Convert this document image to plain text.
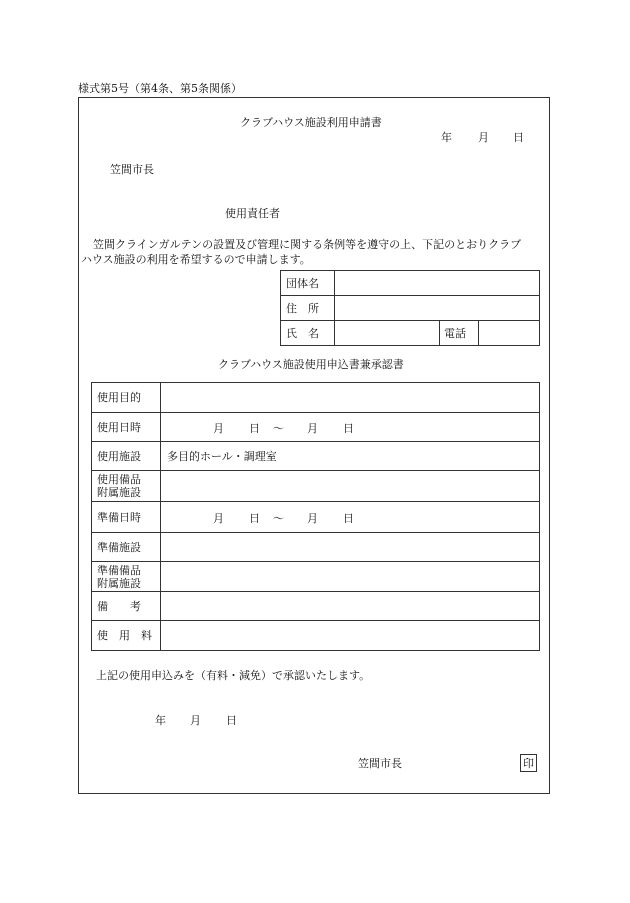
様式第5号（第4条、第5条関係）
クラブハウス施設利用申請書
年 月 日
笠間市長
使用責任者
笠間クラインガルテンの設置及び管理に関する条例等を遵守の上、下記のとおりクラブ
ハウス施設の利用を希望するので申請します。
団体名			
住　所			
氏　名		電話	
クラブハウス施設使用申込書兼承認書
使用目的	
使用日時	月 日 ～ 月 日

使用施設	多目的ホール・調理室

使用備品
附属施設	

準備日時	月 日 ～ 月 日

準備施設	

準備備品
附属施設	

備　　考	
使　用　料	
上記の使用申込みを（有料・減免）で承認いたします。
年 月 日
笠間市長	印
